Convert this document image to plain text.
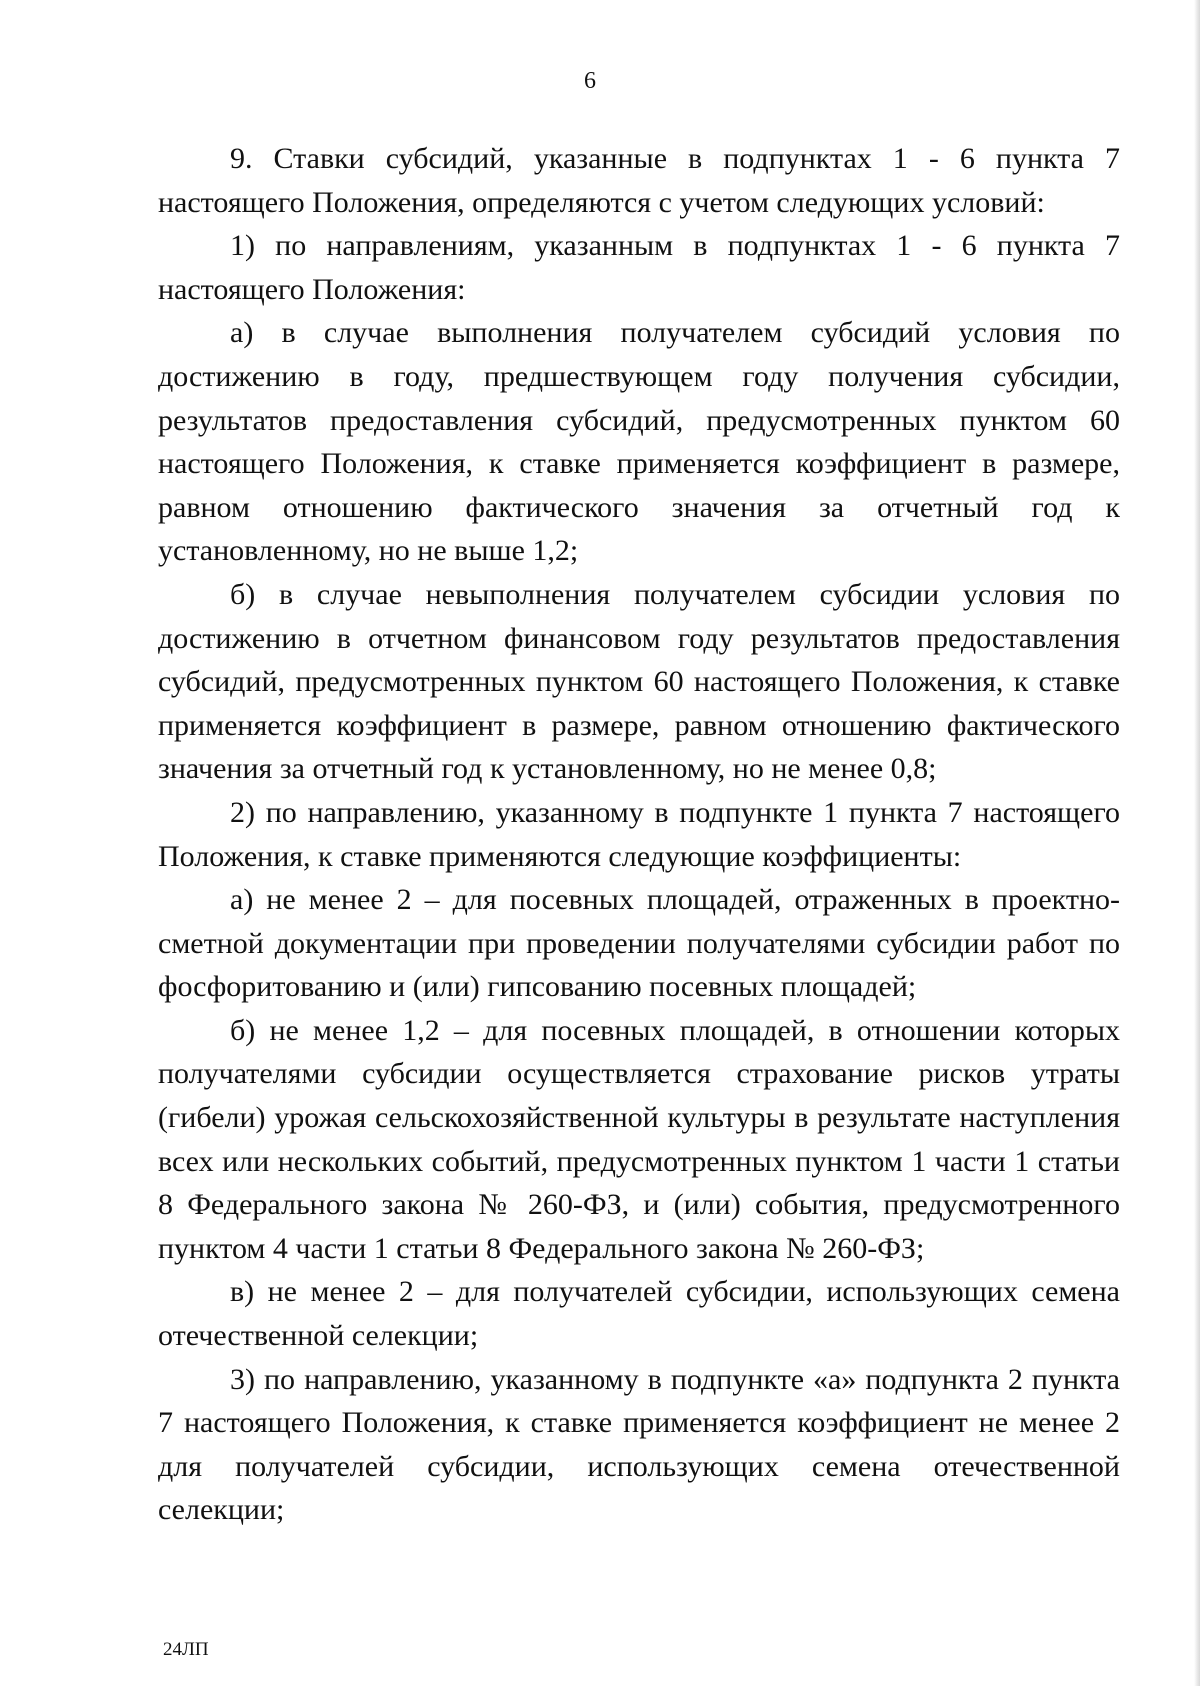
6

9. Ставки субсидий, указанные в подпунктах 1 - 6 пункта 7 настоящего Положения, определяются с учетом следующих условий:

1) по направлениям, указанным в подпунктах 1 - 6 пункта 7 настоящего Положения:

а) в случае выполнения получателем субсидий условия по достижению в году, предшествующем году получения субсидии, результатов предоставления субсидий, предусмотренных пунктом 60 настоящего Положения, к ставке применяется коэффициент в размере, равном отношению фактического значения за отчетный год к установленному, но не выше 1,2;

б) в случае невыполнения получателем субсидии условия по достижению в отчетном финансовом году результатов предоставления субсидий, предусмотренных пунктом 60 настоящего Положения, к ставке применяется коэффициент в размере, равном отношению фактического значения за отчетный год к установленному, но не менее 0,8;

2) по направлению, указанному в подпункте 1 пункта 7 настоящего Положения, к ставке применяются следующие коэффициенты:

а) не менее 2 – для посевных площадей, отраженных в проектно-сметной документации при проведении получателями субсидии работ по фосфоритованию и (или) гипсованию посевных площадей;

б) не менее 1,2 – для посевных площадей, в отношении которых получателями субсидии осуществляется страхование рисков утраты (гибели) урожая сельскохозяйственной культуры в результате наступления всех или нескольких событий, предусмотренных пунктом 1 части 1 статьи 8 Федерального закона № 260-ФЗ, и (или) события, предусмотренного пунктом 4 части 1 статьи 8 Федерального закона № 260-ФЗ;

в) не менее 2 – для получателей субсидии, использующих семена отечественной селекции;

3) по направлению, указанному в подпункте «а» подпункта 2 пункта 7 настоящего Положения, к ставке применяется коэффициент не менее 2 для получателей субсидии, использующих семена отечественной селекции;

24ЛП
